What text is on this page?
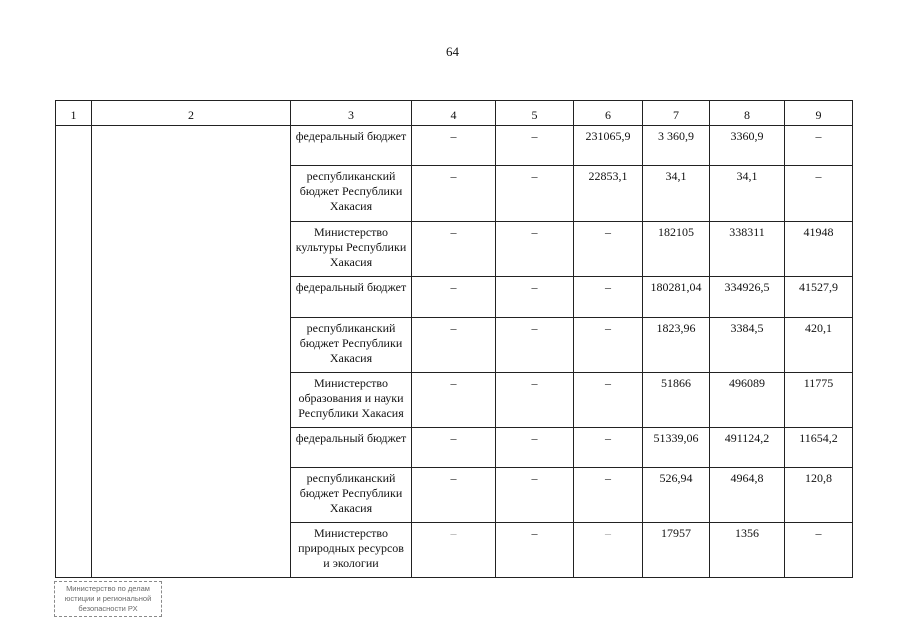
64
1	2	3	4	5	6	7	8	9
		федеральный бюджет	–	–	231065,9	3 360,9	3360,9	–
		республиканский бюджет Республики Хакасия	–	–	22853,1	34,1	34,1	–
		Министерство культуры Республики Хакасия	–	–	–	182105	338311	41948
		федеральный бюджет	–	–	–	180281,04	334926,5	41527,9
		республиканский бюджет Республики Хакасия	–	–	–	1823,96	3384,5	420,1
		Министерство образования и науки Республики Хакасия	–	–	–	51866	496089	11775
		федеральный бюджет	–	–	–	51339,06	491124,2	11654,2
		республиканский бюджет Республики Хакасия	–	–	–	526,94	4964,8	120,8
		Министерство природных ресурсов и экологии	–	–	–	17957	1356	–
Министерство по делам
юстиции и региональной
безопасности РХ
